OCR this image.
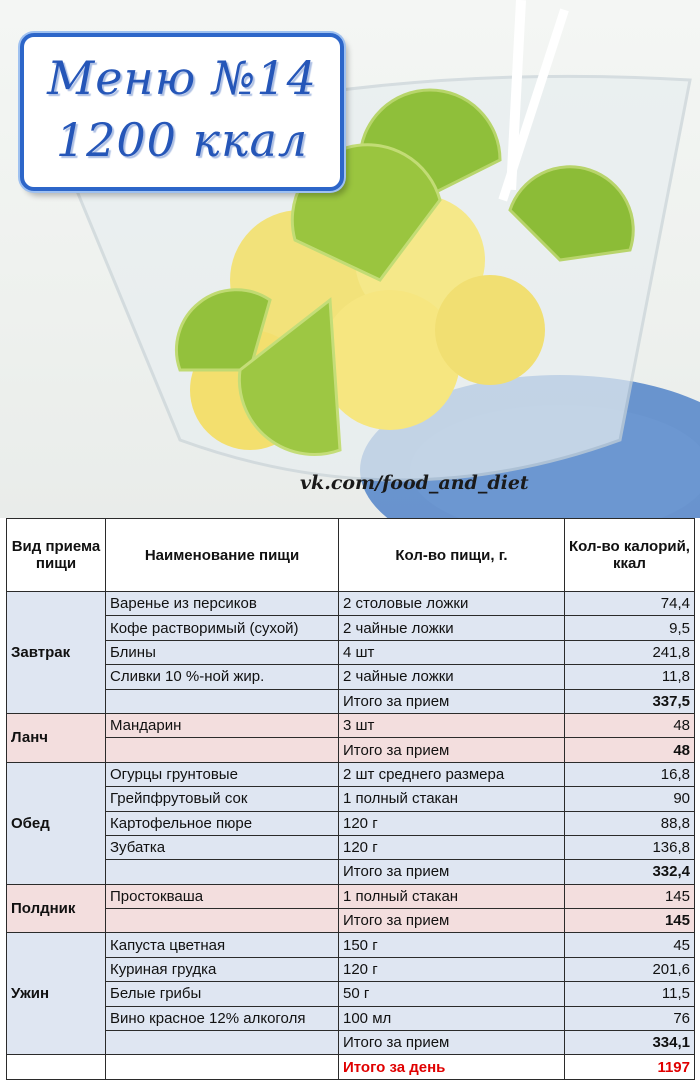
Меню №14
1200 ккал
vk.com/food_and_diet
Вид приема пищи	Наименование пищи	Кол-во пищи, г.	Кол-во калорий, ккал
Завтрак	Варенье из персиков	2 столовые ложки	74,4
	Кофе растворимый (сухой)	2 чайные ложки	9,5
	Блины	4 шт	241,8
	Сливки 10 %-ной жир.	2 чайные ложки	11,8
		Итого за прием	337,5
Ланч	Мандарин	3 шт	48
		Итого за прием	48
Обед	Огурцы грунтовые	2 шт среднего размера	16,8
	Грейпфрутовый сок	1 полный стакан	90
	Картофельное пюре	120 г	88,8
	Зубатка	120 г	136,8
		Итого за прием	332,4
Полдник	Простокваша	1 полный стакан	145
		Итого за прием	145
Ужин	Капуста цветная	150 г	45
	Куриная грудка	120 г	201,6
	Белые грибы	50 г	11,5
	Вино красное 12% алкоголя	100 мл	76
		Итого за прием	334,1
		Итого за день	1197
